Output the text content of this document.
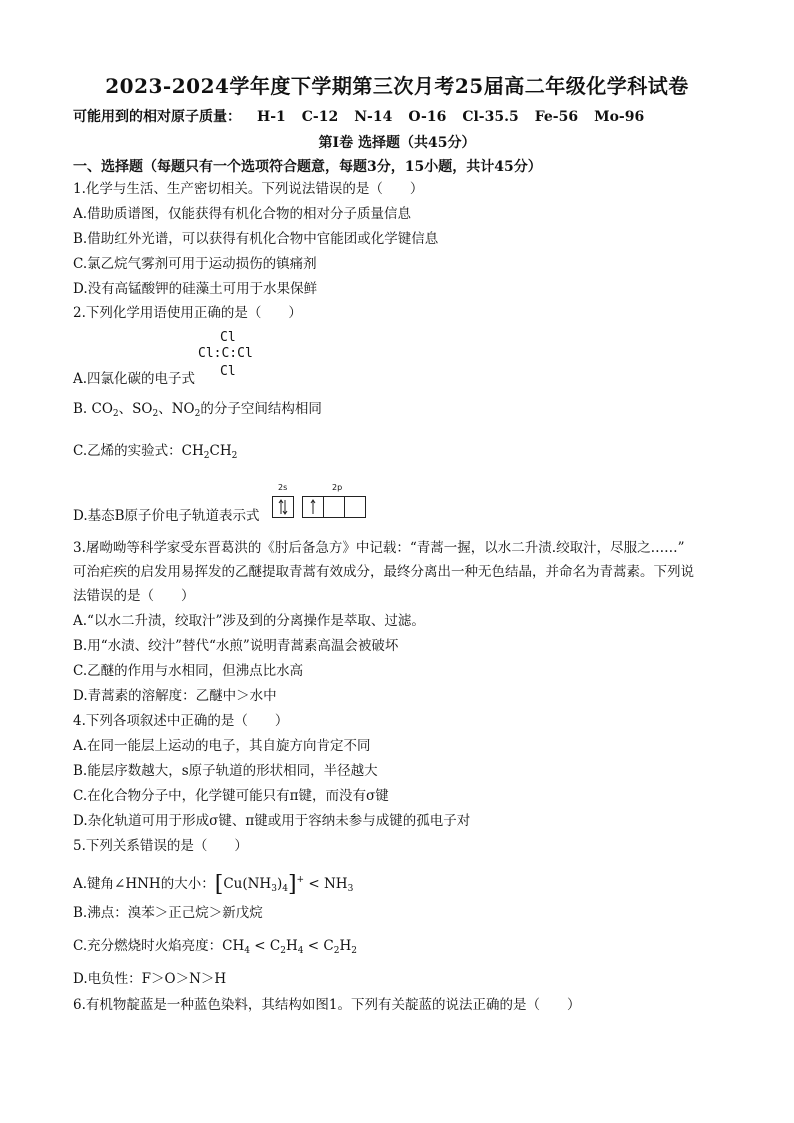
2023-2024学年度下学期第三次月考25届高二年级化学科试卷
可能用到的相对原子质量： H-1 C-12 N-14 O-16 Cl-35.5 Fe-56 Mo-96
第Ⅰ卷 选择题（共45分）
一、选择题（每题只有一个选项符合题意，每题3分，15小题，共计45分）
1.化学与生活、生产密切相关。下列说法错误的是（　　）
A.借助质谱图，仅能获得有机化合物的相对分子质量信息
B.借助红外光谱，可以获得有机化合物中官能团或化学键信息
C.氯乙烷气雾剂可用于运动损伤的镇痛剂
D.没有高锰酸钾的硅藻土可用于水果保鲜
2.下列化学用语使用正确的是（　　）
Cl
Cl:C:Cl
Cl
A.四氯化碳的电子式
B. $CO_2$、$SO_2$、$NO_2$的分子空间结构相同
C.乙烯的实验式：$CH_2CH_2$
2s	2p
D.基态B原子价电子轨道表示式
3.屠呦呦等科学家受东晋葛洪的《肘后备急方》中记载：“青蒿一握，以水二升渍.绞取汁，尽服之……”
可治疟疾的启发用易挥发的乙醚提取青蒿有效成分，最终分离出一种无色结晶，并命名为青蒿素。下列说
法错误的是（　　）
A.“以水二升渍，绞取汁”涉及到的分离操作是萃取、过滤。
B.用“水渍、绞汁”替代“水煎”说明青蒿素高温会被破坏
C.乙醚的作用与水相同，但沸点比水高
D.青蒿素的溶解度：乙醚中＞水中
4.下列各项叙述中正确的是（　　）
A.在同一能层上运动的电子，其自旋方向肯定不同
B.能层序数越大，s原子轨道的形状相同，半径越大
C.在化合物分子中，化学键可能只有π键，而没有σ键
D.杂化轨道可用于形成σ键、π键或用于容纳未参与成键的孤电子对
5.下列关系错误的是（　　）
A.键角∠HNH的大小：$[Cu(NH_3)_4]^+ < NH_3$
B.沸点：溴苯＞正己烷＞新戊烷
C.充分燃烧时火焰亮度：$CH_4 < C_2H_4 < C_2H_2$
D.电负性：F＞O＞N＞H
6.有机物靛蓝是一种蓝色染料，其结构如图1。下列有关靛蓝的说法正确的是（　　）
